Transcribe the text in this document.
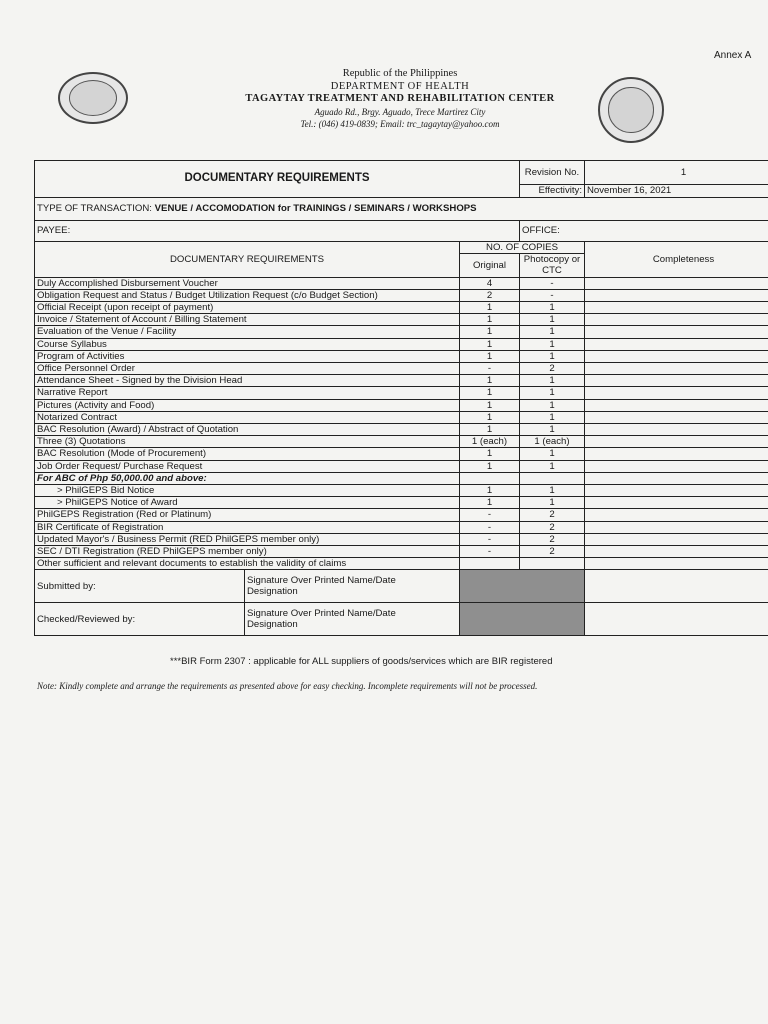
Annex A
Republic of the Philippines
DEPARTMENT OF HEALTH
TAGAYTAY TREATMENT AND REHABILITATION CENTER
Aguado Rd., Brgy. Aguado, Trece Martirez City
Tel.: (046) 419-0839; Email: trc_tagaytay@yahoo.com
DOCUMENTARY REQUIREMENTS			Revision No.	1
			Effectivity:	November 16, 2021
TYPE OF TRANSACTION: VENUE / ACCOMODATION for TRAININGS / SEMINARS / WORKSHOPS				
PAYEE:			OFFICE:	
DOCUMENTARY REQUIREMENTS		NO. OF COPIES		Completeness
		Original	Photocopy or CTC	
Duly Accomplished Disbursement Voucher		4	-	
Obligation Request and Status / Budget Utilization Request (c/o Budget Section)		2	-	
Official Receipt (upon receipt of payment)		1	1	
Invoice / Statement of Account / Billing Statement		1	1	
Evaluation of the Venue / Facility		1	1	
Course Syllabus		1	1	
Program of Activities		1	1	
Office Personnel Order		-	2	
Attendance Sheet - Signed by the Division Head		1	1	
Narrative Report		1	1	
Pictures (Activity and Food)		1	1	
Notarized Contract		1	1	
BAC Resolution (Award) / Abstract of Quotation		1	1	
Three (3) Quotations		1 (each)	1 (each)	
BAC Resolution (Mode of Procurement)		1	1	
Job Order Request/ Purchase Request		1	1	
For ABC of Php 50,000.00 and above:				
> PhilGEPS Bid Notice		1	1	
> PhilGEPS Notice of Award		1	1	
PhilGEPS Registration (Red or Platinum)		-	2	
BIR Certificate of Registration		-	2	
Updated Mayor's / Business Permit (RED PhilGEPS member only)		-	2	
SEC / DTI Registration (RED PhilGEPS member only)		-	2	
Other sufficient and relevant documents to establish the validity of claims				
Submitted by:	Signature Over Printed Name/Date
Designation			

Checked/Reviewed by:	Signature Over Printed Name/Date
Designation			

***BIR Form 2307 : applicable for ALL suppliers of goods/services which are BIR registered
Note: Kindly complete and arrange the requirements as presented above for easy checking. Incomplete requirements will not be processed.
